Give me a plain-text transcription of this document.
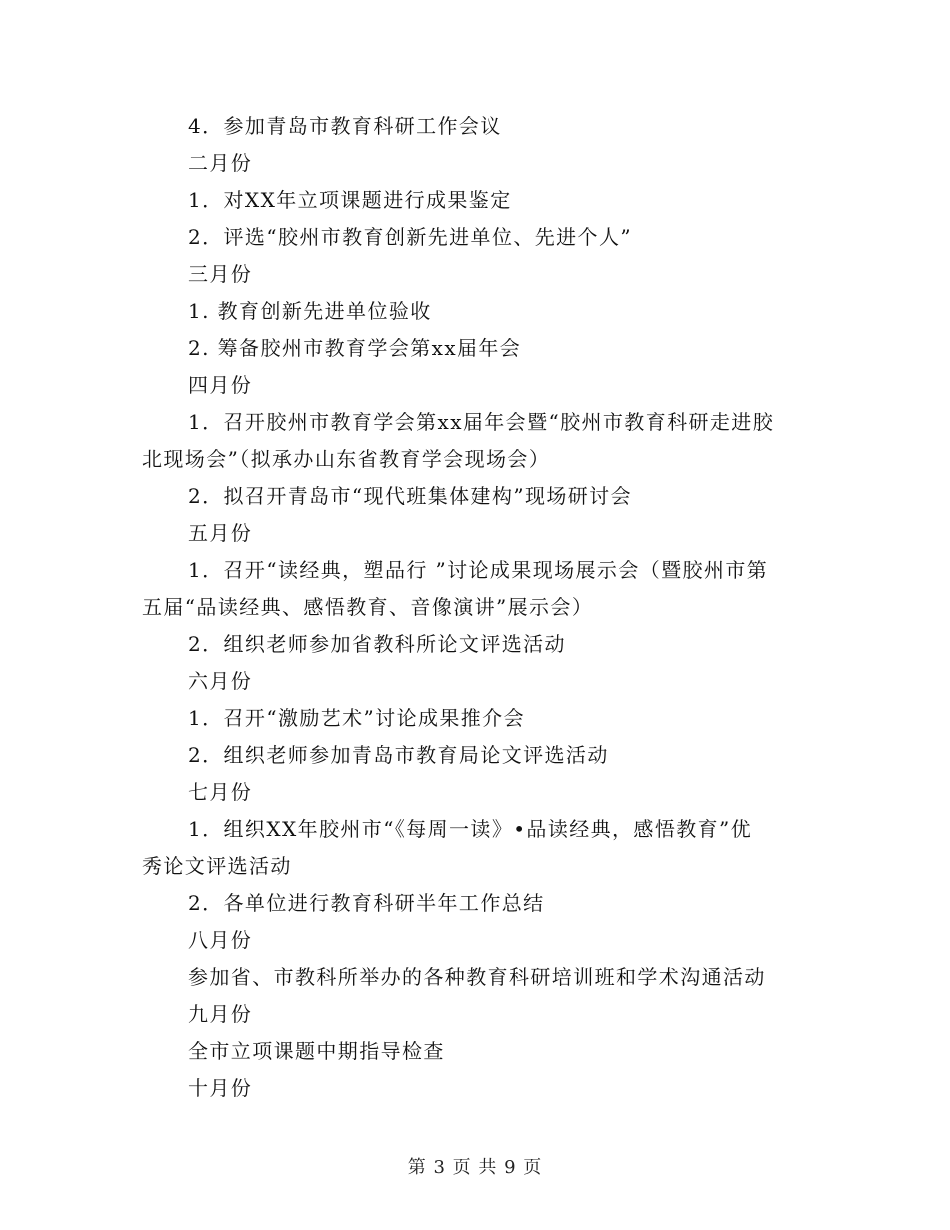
4．参加青岛市教育科研工作会议
二月份
1．对XX年立项课题进行成果鉴定
2．评选“胶州市教育创新先进单位、先进个人”
三月份
1. 教育创新先进单位验收
2. 筹备胶州市教育学会第xx届年会
四月份
1．召开胶州市教育学会第xx届年会暨“胶州市教育科研走进胶
北现场会”（拟承办山东省教育学会现场会）
2．拟召开青岛市“现代班集体建构”现场研讨会
五月份
1．召开“读经典，塑品行 ”讨论成果现场展示会（暨胶州市第
五届“品读经典、感悟教育、音像演讲”展示会）
2．组织老师参加省教科所论文评选活动
六月份
1．召开“激励艺术”讨论成果推介会
2．组织老师参加青岛市教育局论文评选活动
七月份
1．组织XX年胶州市“《每周一读》•品读经典，感悟教育”优
秀论文评选活动
2．各单位进行教育科研半年工作总结
八月份
参加省、市教科所举办的各种教育科研培训班和学术沟通活动
九月份
全市立项课题中期指导检查
十月份
第 3 页 共 9 页
